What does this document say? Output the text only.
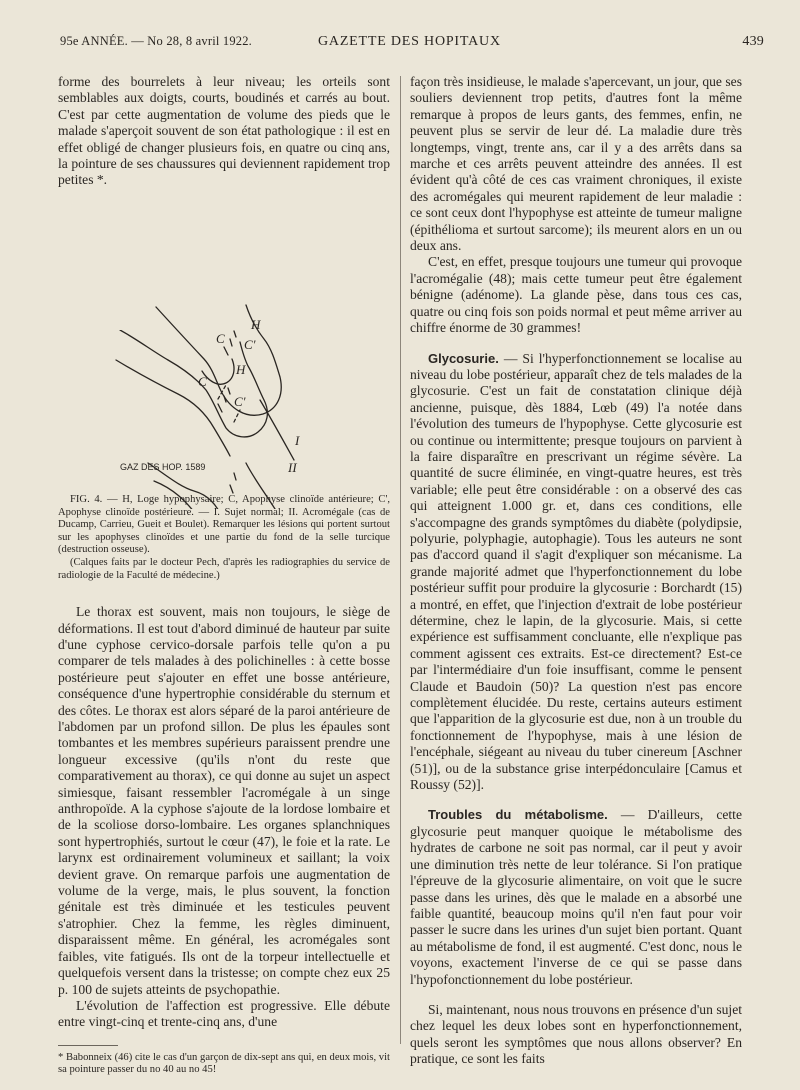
95e ANNÉE. — No 28, 8 avril 1922.	GAZETTE DES HOPITAUX	439

forme des bourrelets à leur niveau; les orteils sont semblables aux doigts, courts, boudinés et carrés au bout. C'est par cette augmentation de volume des pieds que le malade s'aperçoit souvent de son état pathologique : il est en effet obligé de changer plusieurs fois, en quatre ou cinq ans, la pointure de ses chaussures qui deviennent rapidement trop petites *.

H
C C'
I
H
C
C'
II
GAZ DES HOP. 1589

FIG. 4. — H, Loge hypophysaire; C, Apophyse clinoïde antérieure; C', Apophyse clinoïde postérieure. — I. Sujet normal; II. Acromégale (cas de Ducamp, Carrieu, Gueit et Boulet). Remarquer les lésions qui portent surtout sur les apophyses clinoïdes et une partie du fond de la selle turcique (destruction osseuse).

(Calques faits par le docteur Pech, d'après les radiographies du service de radiologie de la Faculté de médecine.)

Le thorax est souvent, mais non toujours, le siège de déformations. Il est tout d'abord diminué de hauteur par suite d'une cyphose cervico-dorsale parfois telle qu'on a pu comparer de tels malades à des polichinelles : à cette bosse postérieure peut s'ajouter en effet une bosse antérieure, conséquence d'une hypertrophie considérable du sternum et des côtes. Le thorax est alors séparé de la paroi antérieure de l'abdomen par un profond sillon. De plus les épaules sont tombantes et les membres supérieurs paraissent prendre une longueur excessive (qu'ils n'ont du reste que comparativement au thorax), ce qui donne au sujet un aspect simiesque, faisant ressembler l'acromégale à un singe anthropoïde. A la cyphose s'ajoute de la lordose lombaire et de la scoliose dorso-lombaire. Les organes splanchniques sont hypertrophiés, surtout le cœur (47), le foie et la rate. Le larynx est ordinairement volumineux et saillant; la voix devient grave. On remarque parfois une augmentation de volume de la verge, mais, le plus souvent, la fonction génitale est très diminuée et les testicules peuvent s'atrophier. Chez la femme, les règles diminuent, disparaissent même. En général, les acromégales sont faibles, vite fatigués. Ils ont de la torpeur intellectuelle et quelquefois versent dans la tristesse; on compte chez eux 25 p. 100 de sujets atteints de psychopathie.

L'évolution de l'affection est progressive. Elle débute entre vingt-cinq et trente-cinq ans, d'une

* Babonneix (46) cite le cas d'un garçon de dix-sept ans qui, en deux mois, vit sa pointure passer du no 40 au no 45!

façon très insidieuse, le malade s'apercevant, un jour, que ses souliers deviennent trop petits, d'autres font la même remarque à propos de leurs gants, des femmes, enfin, ne peuvent plus se servir de leur dé. La maladie dure très longtemps, vingt, trente ans, car il y a des arrêts dans sa marche et ces arrêts peuvent atteindre des années. Il est évident qu'à côté de ces cas vraiment chroniques, il existe des acromégales qui meurent rapidement de leur maladie : ce sont ceux dont l'hypophyse est atteinte de tumeur maligne (épithélioma et surtout sarcome); ils meurent alors en un ou deux ans.

C'est, en effet, presque toujours une tumeur qui provoque l'acromégalie (48); mais cette tumeur peut être également bénigne (adénome). La glande pèse, dans tous ces cas, quatre ou cinq fois son poids normal et peut même arriver au chiffre énorme de 30 grammes!

Glycosurie. — Si l'hyperfonctionnement se localise au niveau du lobe postérieur, apparaît chez de tels malades de la glycosurie. C'est un fait de constatation clinique déjà ancienne, puisque, dès 1884, Lœb (49) l'a notée dans l'évolution des tumeurs de l'hypophyse. Cette glycosurie est ou continue ou intermittente; presque toujours on parvient à la faire disparaître en prescrivant un régime sévère. La quantité de sucre éliminée, en vingt-quatre heures, est très variable; elle peut être considérable : on a observé des cas qui atteignent 1.000 gr. et, dans ces conditions, elle s'accompagne des grands symptômes du diabète (polydipsie, polyurie, polyphagie, autophagie). Tous les auteurs ne sont pas d'accord quand il s'agit d'expliquer son mécanisme. La grande majorité admet que l'hyperfonctionnement du lobe postérieur suffit pour produire la glycosurie : Borchardt (15) a montré, en effet, que l'injection d'extrait de lobe postérieur détermine, chez le lapin, de la glycosurie. Mais, si cette expérience est suffisamment concluante, elle n'explique pas comment agissent ces extraits. Est-ce directement? Est-ce par l'intermédiaire d'un foie insuffisant, comme le pensent Claude et Baudoin (50)? La question n'est pas encore complètement élucidée. Du reste, certains auteurs estiment que l'apparition de la glycosurie est due, non à un trouble du fonctionnement de l'hypophyse, mais à une lésion de l'encéphale, siégeant au niveau du tuber cinereum [Aschner (51)], ou de la substance grise interpédonculaire [Camus et Roussy (52)].

Troubles du métabolisme. — D'ailleurs, cette glycosurie peut manquer quoique le métabolisme des hydrates de carbone ne soit pas normal, car il peut y avoir une diminution très nette de leur tolérance. Si l'on pratique l'épreuve de la glycosurie alimentaire, on voit que le sucre passe dans les urines, dès que le malade en a absorbé une faible quantité, beaucoup moins qu'il n'en faut pour voir passer le sucre dans les urines d'un sujet bien portant. Quant au métabolisme de fond, il est augmenté. C'est donc, nous le voyons, exactement l'inverse de ce qui se passe dans l'hypofonctionnement du lobe postérieur.

Si, maintenant, nous nous trouvons en présence d'un sujet chez lequel les deux lobes sont en hyperfonctionnement, quels seront les symptômes que nous allons observer? En pratique, ce sont les faits
